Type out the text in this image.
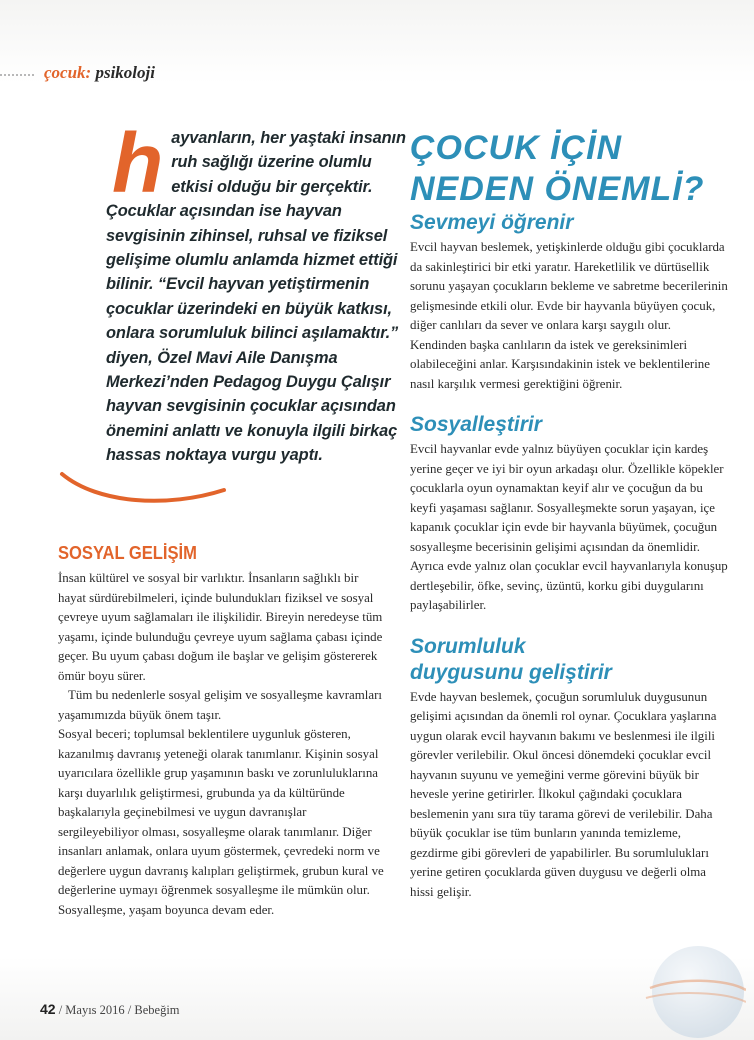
çocuk: psikoloji
h ayvanların, her yaştaki insanın ruh sağlığı üzerine olumlu etkisi olduğu bir gerçektir. Çocuklar açısından ise hayvan sevgisinin zihinsel, ruhsal ve fiziksel gelişime olumlu anlamda hizmet ettiği bilinir. “Evcil hayvan yetiştirmenin çocuklar üzerindeki en büyük katkısı, onlara sorumluluk bilinci aşılamaktır.” diyen, Özel Mavi Aile Danışma Merkezi’nden Pedagog Duygu Çalışır hayvan sevgisinin çocuklar açısından önemini anlattı ve konuyla ilgili birkaç hassas noktaya vurgu yaptı.
SOSYAL GELİŞİM

İnsan kültürel ve sosyal bir varlıktır. İnsanların sağlıklı bir hayat sürdürebilmeleri, içinde bulundukları fiziksel ve sosyal çevreye uyum sağlamaları ile ilişkilidir. Bireyin neredeyse tüm yaşamı, içinde bulunduğu çevreye uyum sağlama çabası içinde geçer. Bu uyum çabası doğum ile başlar ve gelişim göstererek ömür boyu sürer.

Tüm bu nedenlerle sosyal gelişim ve sosyalleşme kavramları yaşamımızda büyük önem taşır.

Sosyal beceri; toplumsal beklentilere uygunluk gösteren, kazanılmış davranış yeteneği olarak tanımlanır. Kişinin sosyal uyarıcılara özellikle grup yaşamının baskı ve zorunluluklarına karşı duyarlılık geliştirmesi, grubunda ya da kültüründe başkalarıyla geçinebilmesi ve uygun davranışlar sergileyebiliyor olması, sosyalleşme olarak tanımlanır. Diğer insanları anlamak, onlara uyum göstermek, çevredeki norm ve değerlere uygun davranış kalıpları geliştirmek, grubun kural ve değerlerine uymayı öğrenmek sosyalleşme ile mümkün olur. Sosyalleşme, yaşam boyunca devam eder.

ÇOCUK İÇİN
NEDEN ÖNEMLİ?
Sevmeyi öğrenir
Evcil hayvan beslemek, yetişkinlerde olduğu gibi çocuklarda da sakinleştirici bir etki yaratır. Hareketlilik ve dürtüsellik sorunu yaşayan çocukların bekleme ve sabretme becerilerinin gelişmesinde etkili olur. Evde bir hayvanla büyüyen çocuk, diğer canlıları da sever ve onlara karşı saygılı olur. Kendinden başka canlıların da istek ve gereksinimleri olabileceğini anlar. Karşısındakinin istek ve beklentilerine nasıl karşılık vermesi gerektiğini öğrenir.
Sosyalleştirir
Evcil hayvanlar evde yalnız büyüyen çocuklar için kardeş yerine geçer ve iyi bir oyun arkadaşı olur. Özellikle köpekler çocuklarla oyun oynamaktan keyif alır ve çocuğun da bu keyfi yaşaması sağlanır. Sosyalleşmekte sorun yaşayan, içe kapanık çocuklar için evde bir hayvanla büyümek, çocuğun sosyalleşme becerisinin gelişimi açısından da önemlidir. Ayrıca evde yalnız olan çocuklar evcil hayvanlarıyla konuşup dertleşebilir, öfke, sevinç, üzüntü, korku gibi duygularını paylaşabilirler.
Sorumluluk
duygusunu geliştirir
Evde hayvan beslemek, çocuğun sorumluluk duygusunun gelişimi açısından da önemli rol oynar. Çocuklara yaşlarına uygun olarak evcil hayvanın bakımı ve beslenmesi ile ilgili görevler verilebilir. Okul öncesi dönemdeki çocuklar evcil hayvanın suyunu ve yemeğini verme görevini büyük bir hevesle yerine getirirler. İlkokul çağındaki çocuklara beslemenin yanı sıra tüy tarama görevi de verilebilir. Daha büyük çocuklar ise tüm bunların yanında temizleme, gezdirme gibi görevleri de yapabilirler. Bu sorumlulukları yerine getiren çocuklarda güven duygusu ve değerli olma hissi gelişir.
42 / Mayıs 2016 / Bebeğim
